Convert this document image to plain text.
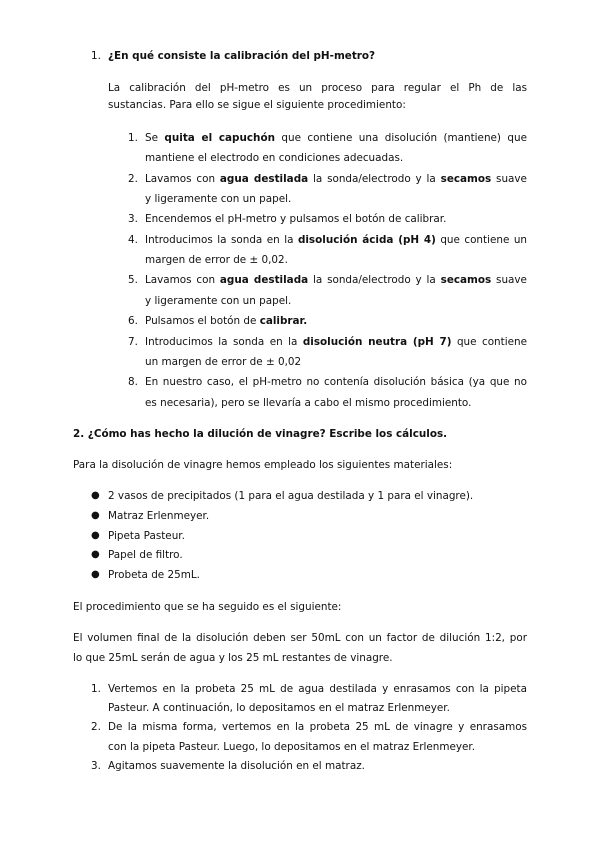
1. ¿En qué consiste la calibración del pH-metro?
La calibración del pH-metro es un proceso para regular el Ph de las
sustancias. Para ello se sigue el siguiente procedimiento:
1. Se quita el capuchón que contiene una disolución (mantiene) que
mantiene el electrodo en condiciones adecuadas.
2. Lavamos con agua destilada la sonda/electrodo y la secamos suave
y ligeramente con un papel.
3. Encendemos el pH-metro y pulsamos el botón de calibrar.
4. Introducimos la sonda en la disolución ácida (pH 4) que contiene un
margen de error de ± 0,02.
5. Lavamos con agua destilada la sonda/electrodo y la secamos suave
y ligeramente con un papel.
6. Pulsamos el botón de calibrar.
7. Introducimos la sonda en la disolución neutra (pH 7) que contiene
un margen de error de ± 0,02
8. En nuestro caso, el pH-metro no contenía disolución básica (ya que no
es necesaria), pero se llevaría a cabo el mismo procedimiento.
2. ¿Cómo has hecho la dilución de vinagre? Escribe los cálculos.
Para la disolución de vinagre hemos empleado los siguientes materiales:
● 2 vasos de precipitados (1 para el agua destilada y 1 para el vinagre).
● Matraz Erlenmeyer.
● Pipeta Pasteur.
● Papel de filtro.
● Probeta de 25mL.
El procedimiento que se ha seguido es el siguiente:
El volumen final de la disolución deben ser 50mL con un factor de dilución 1:2, por
lo que 25mL serán de agua y los 25 mL restantes de vinagre.
1. Vertemos en la probeta 25 mL de agua destilada y enrasamos con la pipeta
Pasteur. A continuación, lo depositamos en el matraz Erlenmeyer.
2. De la misma forma, vertemos en la probeta 25 mL de vinagre y enrasamos
con la pipeta Pasteur. Luego, lo depositamos en el matraz Erlenmeyer.
3. Agitamos suavemente la disolución en el matraz.
